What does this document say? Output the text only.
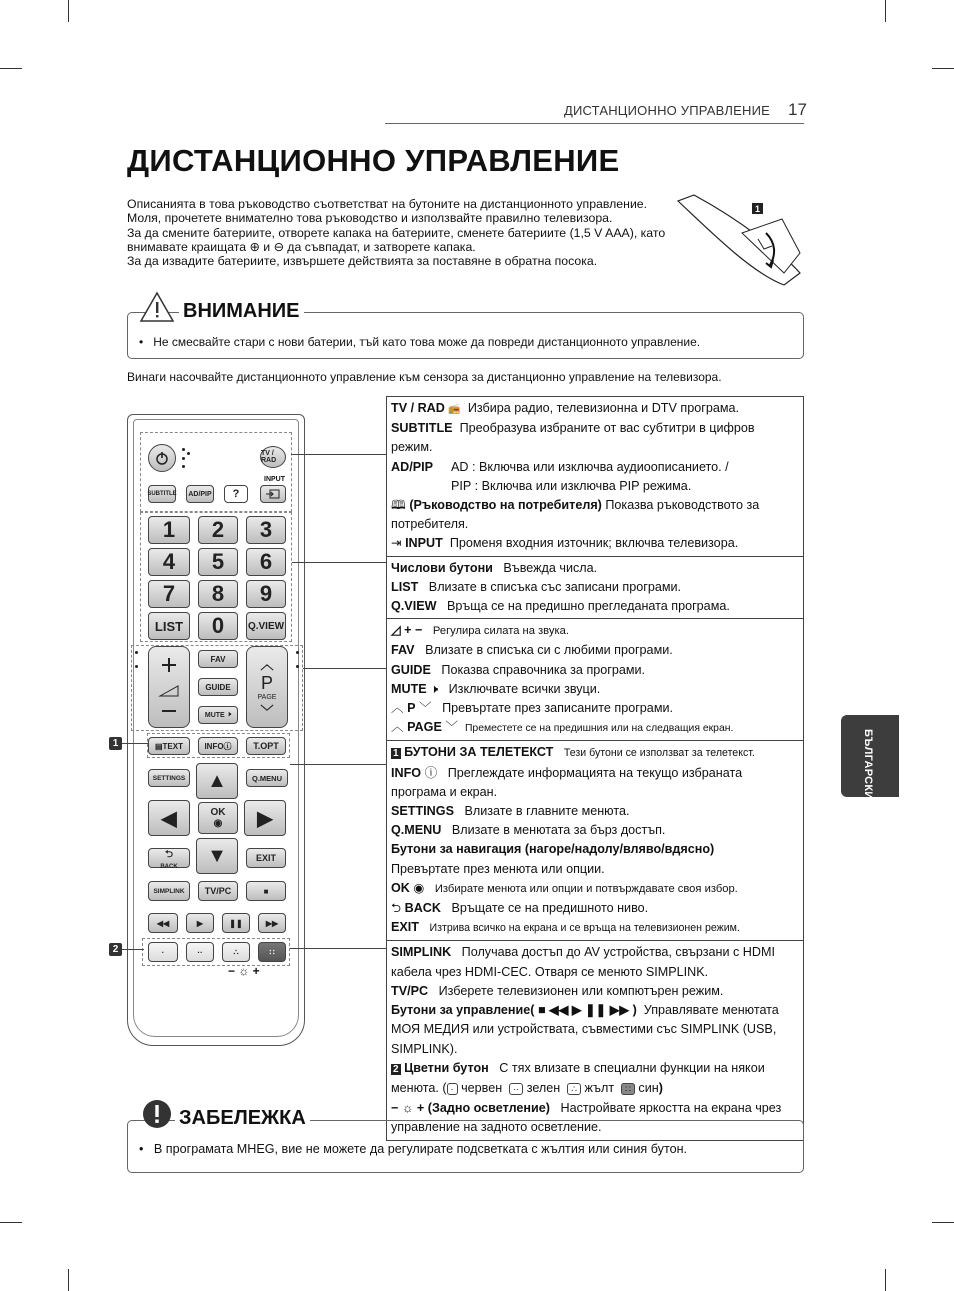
ДИСТАНЦИОННО УПРАВЛЕНИЕ 17
ДИСТАНЦИОННО УПРАВЛЕНИЕ

Описанията в това ръководство съответстват на бутоните на дистанционното управление.

Моля, прочетете внимателно това ръководство и използвайте правилно телевизора.

За да смените батериите, отворете капака на батериите, сменете батериите (1,5 V AAA), като внимавате краищата ⊕ и ⊖ да съвпадат, и затворете капака.

За да извадите батериите, извършете действията за поставяне в обратна посока.

1
ВНИМАНИЕ
•   Не смесвайте стари с нови батерии, тъй като това може да повреди дистанционното управление.
Винаги насочвайте дистанционното управление към сензора за дистанционно управление на телевизора.
TV / RAD
INPUT
SUBTITLE	AD/PIP	?
1	2	3
4	5	6
7	8	9
LIST	0	Q.VIEW
FAV
GUIDE
MUTE
🕨
︿
P
PAGE
﹀
▤ TEXT	INFO ⓘ	T.OPT
SETTINGS	Q.MENU
▲
◀	OK
◉ ▶
▼
⮌
BACK
EXIT
SIMPLINK	TV/PC	■
◀◀	▶	❚❚	▶▶
·	··	∴	∷
− ☼ +
1
2
TV / RAD 📻 Избира радио, телевизионна и DTV програма.
SUBTITLE Преобразува избраните от вас субтитри в цифров режим.
AD/PIP	AD : Включва или изключва аудиоописанието. /
PIP : Включва или изключва PIP режима.
🕮 (Ръководство на потребителя) Показва ръководството за потребителя.
⇥ INPUT Променя входния източник; включва телевизора.
Числови бутони Въвежда числа.
LIST Влизате в списъка със записани програми.
Q.VIEW Връща се на предишно прегледаната програма.
◿ + − Регулира силата на звука.
FAV Влизате в списъка си с любими програми.
GUIDE Показва справочника за програми.
MUTE 🕨 Изключвате всички звуци.
︿ P ﹀ Превъртате през записаните програми.
︿ PAGE ﹀ Преместете се на предишния или на следващия екран.
1 БУТОНИ ЗА ТЕЛЕТЕКСТ Тези бутони се използват за телетекст.
INFO ⓘ Преглеждате информацията на текущо избраната програма и екран.
SETTINGS Влизате в главните менюта.
Q.MENU Влизате в менютата за бърз достъп.
Бутони за навигация (нагоре/надолу/вляво/вдясно)
Превъртате през менюта или опции.
OK ◉ Избирате менюта или опции и потвърждавате своя избор.
⮌ BACK Връщате се на предишното ниво.
EXIT Изтрива всичко на екрана и се връща на телевизионен режим.
SIMPLINK Получава достъп до AV устройства, свързани с HDMI кабела чрез HDMI-CEC. Отваря се менюто SIMPLINK.
TV/PC Изберете телевизионен или компютърен режим.
Бутони за управление( ■ ◀◀ ▶ ❚❚ ▶▶ ) Управлявате менютата МОЯ МЕДИЯ или устройствата, съвместими със SIMPLINK (USB, SIMPLINK).
2 Цветни бутон С тях влизате в специални функции на някои менюта. ( · червен ·· зелен ∴ жълт ∷ син)
− ☼ + (Задно осветление) Настройвате яркостта на екрана чрез управление на задното осветление.
БЪЛГАРСКИ
ЗАБЕЛЕЖКА
•   В програмата MHEG, вие не можете да регулирате подсветката с жълтия или синия бутон.
